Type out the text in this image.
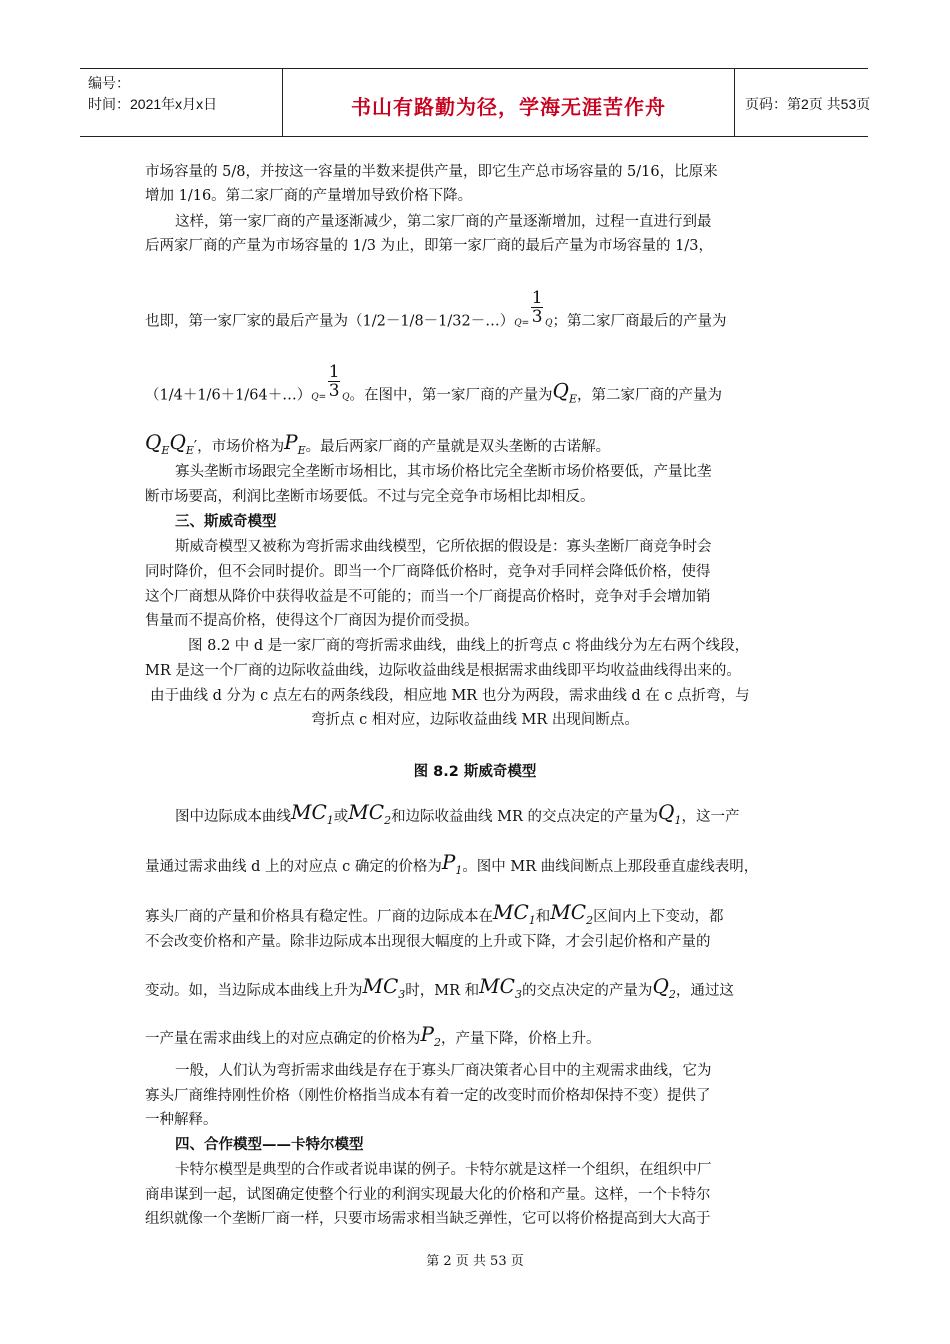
编号：
时间：2021年x月x日	书山有路勤为径，学海无涯苦作舟	页码：第2页 共53页
市场容量的 5/8，并按这一容量的半数来提供产量，即它生产总市场容量的 5/16，比原来
增加 1/16。第二家厂商的产量增加导致价格下降。
这样，第一家厂商的产量逐渐减少，第二家厂商的产量逐渐增加，过程一直进行到最
后两家厂商的产量为市场容量的 1/3 为止，即第一家厂商的最后产量为市场容量的 1/3，
也即，第一家厂家的最后产量为（1/2－1/8－1/32－…）Q= $\frac{1}{3}$ Q；第二家厂商最后的产量为
（1/4＋1/6＋1/64＋…）Q= $\frac{1}{3}$ Q。在图中，第一家厂商的产量为$Q_E$，第二家厂商的产量为
$Q_EQ_E'$，市场价格为$P_E$。最后两家厂商的产量就是双头垄断的古诺解。
寡头垄断市场跟完全垄断市场相比，其市场价格比完全垄断市场价格要低，产量比垄
断市场要高，利润比垄断市场要低。不过与完全竞争市场相比却相反。
三、斯威奇模型
斯威奇模型又被称为弯折需求曲线模型，它所依据的假设是：寡头垄断厂商竞争时会
同时降价，但不会同时提价。即当一个厂商降低价格时，竞争对手同样会降低价格，使得
这个厂商想从降价中获得收益是不可能的；而当一个厂商提高价格时，竞争对手会增加销
售量而不提高价格，使得这个厂商因为提价而受损。
图 8.2 中 d 是一家厂商的弯折需求曲线，曲线上的折弯点 c 将曲线分为左右两个线段，
MR 是这一个厂商的边际收益曲线，边际收益曲线是根据需求曲线即平均收益曲线得出来的。
由于曲线 d 分为 c 点左右的两条线段，相应地 MR 也分为两段，需求曲线 d 在 c 点折弯，与
弯折点 c 相对应，边际收益曲线 MR 出现间断点。
图 8.2 斯威奇模型
图中边际成本曲线$MC_1$或$MC_2$和边际收益曲线 MR 的交点决定的产量为$Q_1$，这一产
量通过需求曲线 d 上的对应点 c 确定的价格为$P_1$。图中 MR 曲线间断点上那段垂直虚线表明，
寡头厂商的产量和价格具有稳定性。厂商的边际成本在$MC_1$和$MC_2$区间内上下变动，都
不会改变价格和产量。除非边际成本出现很大幅度的上升或下降，才会引起价格和产量的
变动。如，当边际成本曲线上升为$MC_3$时，MR 和$MC_3$的交点决定的产量为$Q_2$，通过这
一产量在需求曲线上的对应点确定的价格为$P_2$，产量下降，价格上升。
一般，人们认为弯折需求曲线是存在于寡头厂商决策者心目中的主观需求曲线，它为
寡头厂商维持刚性价格（刚性价格指当成本有着一定的改变时而价格却保持不变）提供了
一种解释。
四、合作模型——卡特尔模型
卡特尔模型是典型的合作或者说串谋的例子。卡特尔就是这样一个组织，在组织中厂
商串谋到一起，试图确定使整个行业的利润实现最大化的价格和产量。这样，一个卡特尔
组织就像一个垄断厂商一样，只要市场需求相当缺乏弹性，它可以将价格提高到大大高于
第 2 页 共 53 页
